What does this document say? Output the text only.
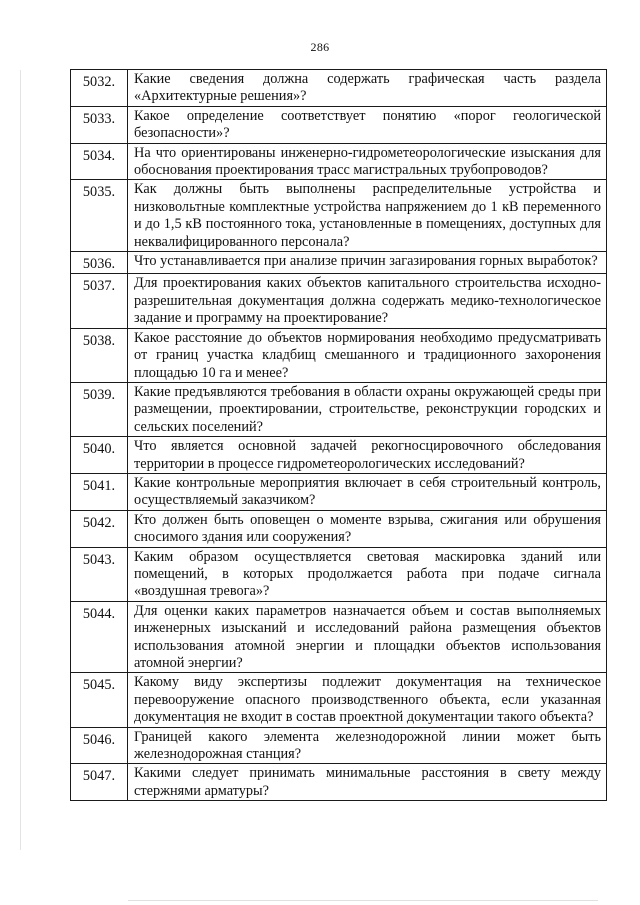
286
5032.	Какие сведения должна содержать графическая часть раздела «Архитектурные решения»?
5033.	Какое определение соответствует понятию «порог геологической безопасности»?
5034.	На что ориентированы инженерно-гидрометеорологические изыскания для обоснования проектирования трасс магистральных трубопроводов?
5035.	Как должны быть выполнены распределительные устройства и низковольтные комплектные устройства напряжением до 1 кВ переменного и до 1,5 кВ постоянного тока, установленные в помещениях, доступных для неквалифицированного персонала?
5036.	Что устанавливается при анализе причин загазирования горных выработок?
5037.	Для проектирования каких объектов капитального строительства исходно-разрешительная документация должна содержать медико-технологическое задание и программу на проектирование?
5038.	Какое расстояние до объектов нормирования необходимо предусматривать от границ участка кладбищ смешанного и традиционного захоронения площадью 10 га и менее?
5039.	Какие предъявляются требования в области охраны окружающей среды при размещении, проектировании, строительстве, реконструкции городских и сельских поселений?
5040.	Что является основной задачей рекогносцировочного обследования территории в процессе гидрометеорологических исследований?
5041.	Какие контрольные мероприятия включает в себя строительный контроль, осуществляемый заказчиком?
5042.	Кто должен быть оповещен о моменте взрыва, сжигания или обрушения сносимого здания или сооружения?
5043.	Каким образом осуществляется световая маскировка зданий или помещений, в которых продолжается работа при подаче сигнала «воздушная тревога»?
5044.	Для оценки каких параметров назначается объем и состав выполняемых инженерных изысканий и исследований района размещения объектов использования атомной энергии и площадки объектов использования атомной энергии?
5045.	Какому виду экспертизы подлежит документация на техническое перевооружение опасного производственного объекта, если указанная документация не входит в состав проектной документации такого объекта?
5046.	Границей какого элемента железнодорожной линии может быть железнодорожная станция?
5047.	Какими следует принимать минимальные расстояния в свету между стержнями арматуры?
